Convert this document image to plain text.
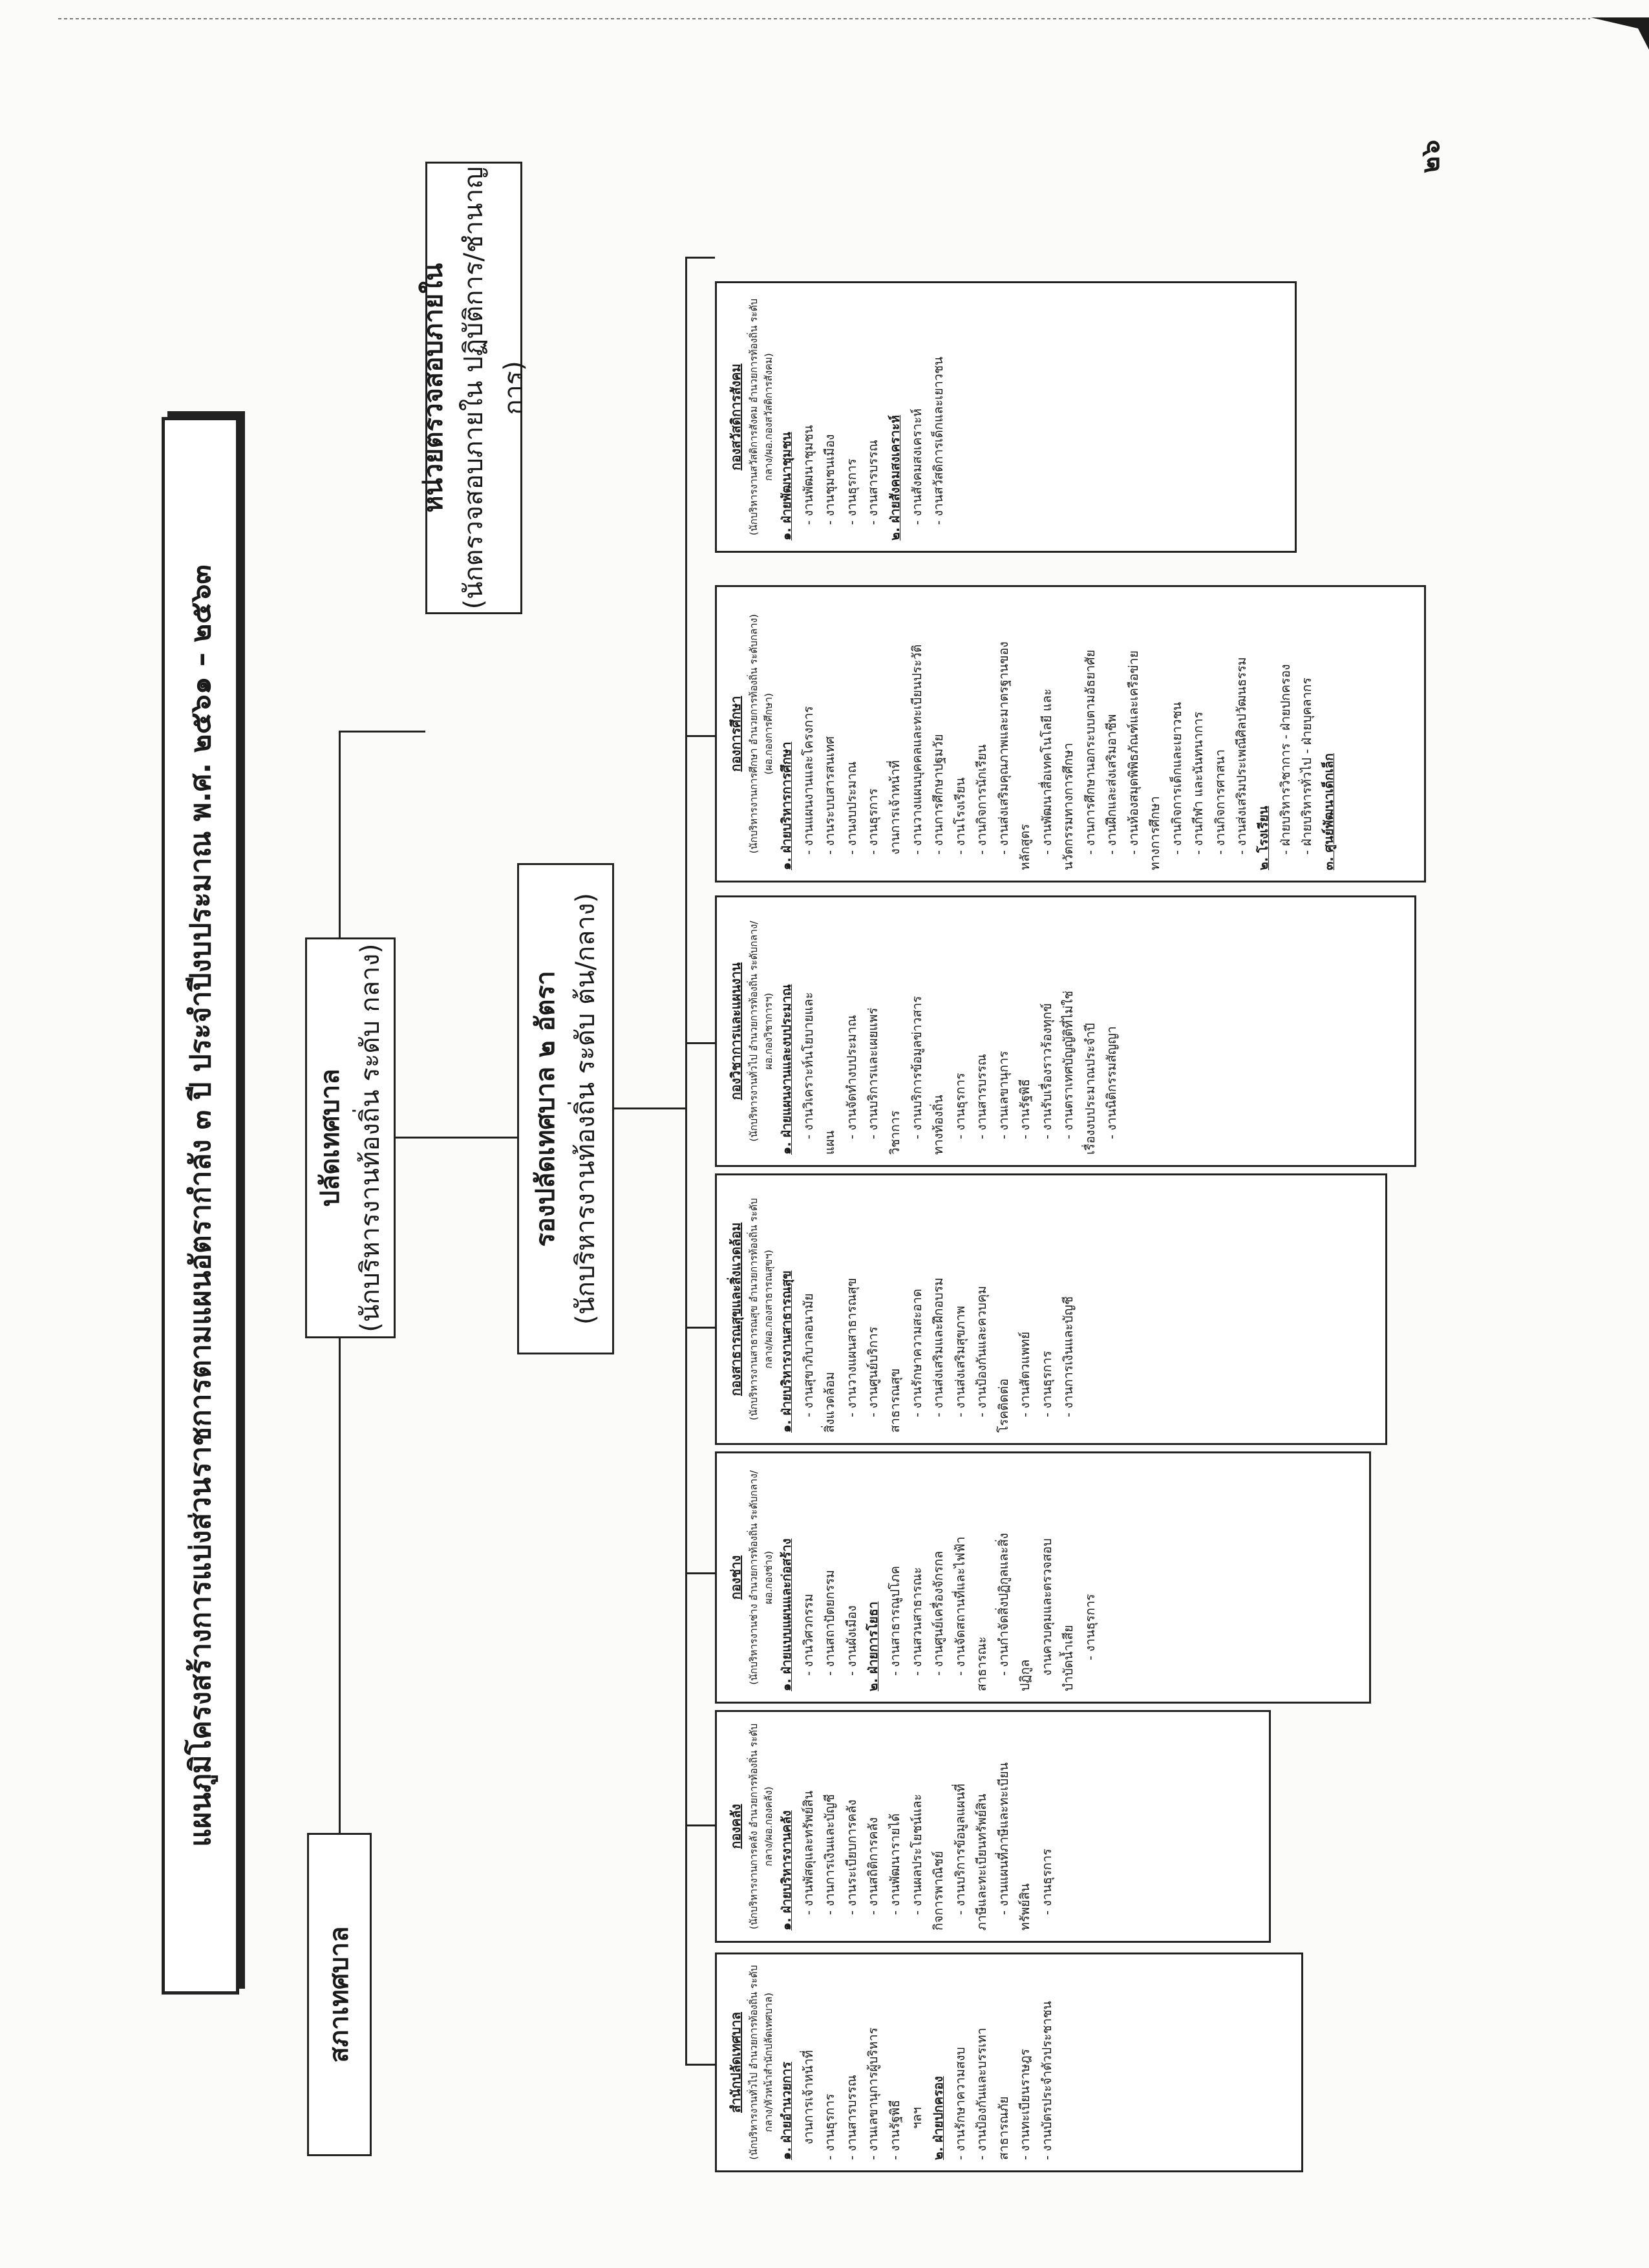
๒๖
แผนภูมิโครงสร้างการแบ่งส่วนราชการตามแผนอัตรากำลัง ๓ ปี ประจำปีงบประมาณ พ.ศ. ๒๕๖๑ – ๒๕๖๓
สภาเทศบาล
ปลัดเทศบาล (นักบริหารงานท้องถิ่น ระดับ กลาง)
หน่วยตรวจสอบภายใน (นักตรวจสอบภายใน ปฏิบัติการ/ชำนาญการ)
รองปลัดเทศบาล ๒ อัตรา (นักบริหารงานท้องถิ่น ระดับ ต้น/กลาง)
สำนักปลัดเทศบาล (นักบริหารงานทั่วไป อำนวยการท้องถิ่น ระดับกลาง/หัวหน้าสำนักปลัดเทศบาล) ๑. ฝ่ายอำนวยการ งานการเจ้าหน้าที่ - งานธุรการ - งานสารบรรณ - งานเลขานุการผู้บริหาร - งานรัฐพิธี ฯลฯ ๒. ฝ่ายปกครอง - งานรักษาความสงบ - งานป้องกันและบรรเทา สาธารณภัย - งานทะเบียนราษฎร - งานบัตรประจำตัวประชาชน
กองคลัง (นักบริหารงานการคลัง อำนวยการท้องถิ่น ระดับกลาง/ผอ.กองคลัง) ๑. ฝ่ายบริหารงานคลัง - งานพัสดุและทรัพย์สิน - งานการเงินและบัญชี - งานระเบียบการคลัง - งานสถิติการคลัง - งานพัฒนารายได้ - งานผลประโยชน์และ กิจการพาณิชย์ - งานบริการข้อมูลแผนที่ ภาษีและทะเบียนทรัพย์สิน - งานแผนที่ภาษีและทะเบียน ทรัพย์สิน - งานธุรการ
กองช่าง (นักบริหารงานช่าง อำนวยการท้องถิ่น ระดับกลาง/ผอ.กองช่าง) ๑. ฝ่ายแบบแผนและก่อสร้าง - งานวิศวกรรม - งานสถาปัตยกรรม - งานผังเมือง ๒. ฝ่ายการโยธา - งานสาธารณูปโภค - งานสวนสาธารณะ - งานศูนย์เครื่องจักรกล - งานจัดสถานที่และไฟฟ้า สาธารณะ - งานกำจัดสิ่งปฏิกูลและสิ่ง ปฏิกูล งานควบคุมและตรวจสอบ บำบัดน้ำเสีย - งานธุรการ
กองสาธารณสุขและสิ่งแวดล้อม (นักบริหารงานสาธารณสุข อำนวยการท้องถิ่น ระดับกลาง/ผอ.กองสาธารณสุขฯ) ๑. ฝ่ายบริหารงานสาธารณสุข - งานสุขาภิบาลอนามัย สิ่งแวดล้อม - งานวางแผนสาธารณสุข - งานศูนย์บริการ สาธารณสุข - งานรักษาความสะอาด - งานส่งเสริมและฝึกอบรม - งานส่งเสริมสุขภาพ - งานป้องกันและควบคุม โรคติดต่อ - งานสัตวแพทย์ - งานธุรการ - งานการเงินและบัญชี
กองวิชาการและแผนงาน (นักบริหารงานทั่วไป อำนวยการท้องถิ่น ระดับกลาง/ผอ.กองวิชาการฯ) ๑. ฝ่ายแผนงานและงบประมาณ - งานวิเคราะห์นโยบายและ
แผน
- งานจัดทำงบประมาณ - งานบริการและเผยแพร่ วิชาการ - งานบริการข้อมูลข่าวสาร ทางท้องถิ่น - งานธุรการ - งานสารบรรณ - งานเลขานุการ - งานรัฐพิธี - งานรับเรื่องราวร้องทุกข์ - งานตราเทศบัญญัติที่ไม่ใช่ เรื่องงบประมาณประจำปี - งานนิติกรรมสัญญา
กองการศึกษา (นักบริหารงานการศึกษา อำนวยการท้องถิ่น ระดับกลาง) (ผอ.กองการศึกษา)
๑. ฝ่ายบริหารการศึกษา - งานแผนงานและโครงการ - งานระบบสารสนเทศ - งานงบประมาณ - งานธุรการ งานการเจ้าหน้าที่ - งานวางแผนบุคคลและทะเบียนประวัติ - งานการศึกษาปฐมวัย - งานโรงเรียน - งานกิจการนักเรียน - งานส่งเสริมคุณภาพและมาตรฐานของ หลักสูตร - งานพัฒนาสื่อเทคโนโลยี และ นวัตกรรมทางการศึกษา - งานการศึกษานอกระบบตามอัธยาศัย - งานฝึกและส่งเสริมอาชีพ - งานห้องสมุดพิพิธภัณฑ์และเครือข่าย ทางการศึกษา - งานกิจการเด็กและเยาวชน - งานกีฬา และนันทนาการ - งานกิจการศาสนา - งานส่งเสริมประเพณีศิลปวัฒนธรรม ๒. โรงเรียน - ฝ่ายบริหารวิชาการ - ฝ่ายปกครอง - ฝ่ายบริหารทั่วไป - ฝ่ายบุคลากร ๓. ศูนย์พัฒนาเด็กเล็ก
กองสวัสดิการสังคม (นักบริหารงานสวัสดิการสังคม อำนวยการท้องถิ่น ระดับกลาง/ผอ.กองสวัสดิการสังคม)
๑. ฝ่ายพัฒนาชุมชน - งานพัฒนาชุมชน - งานชุมชนเมือง - งานธุรการ - งานสารบรรณ ๒. ฝ่ายสังคมสงเคราะห์ - งานสังคมสงเคราะห์ - งานสวัสดิการเด็กและเยาวชน
